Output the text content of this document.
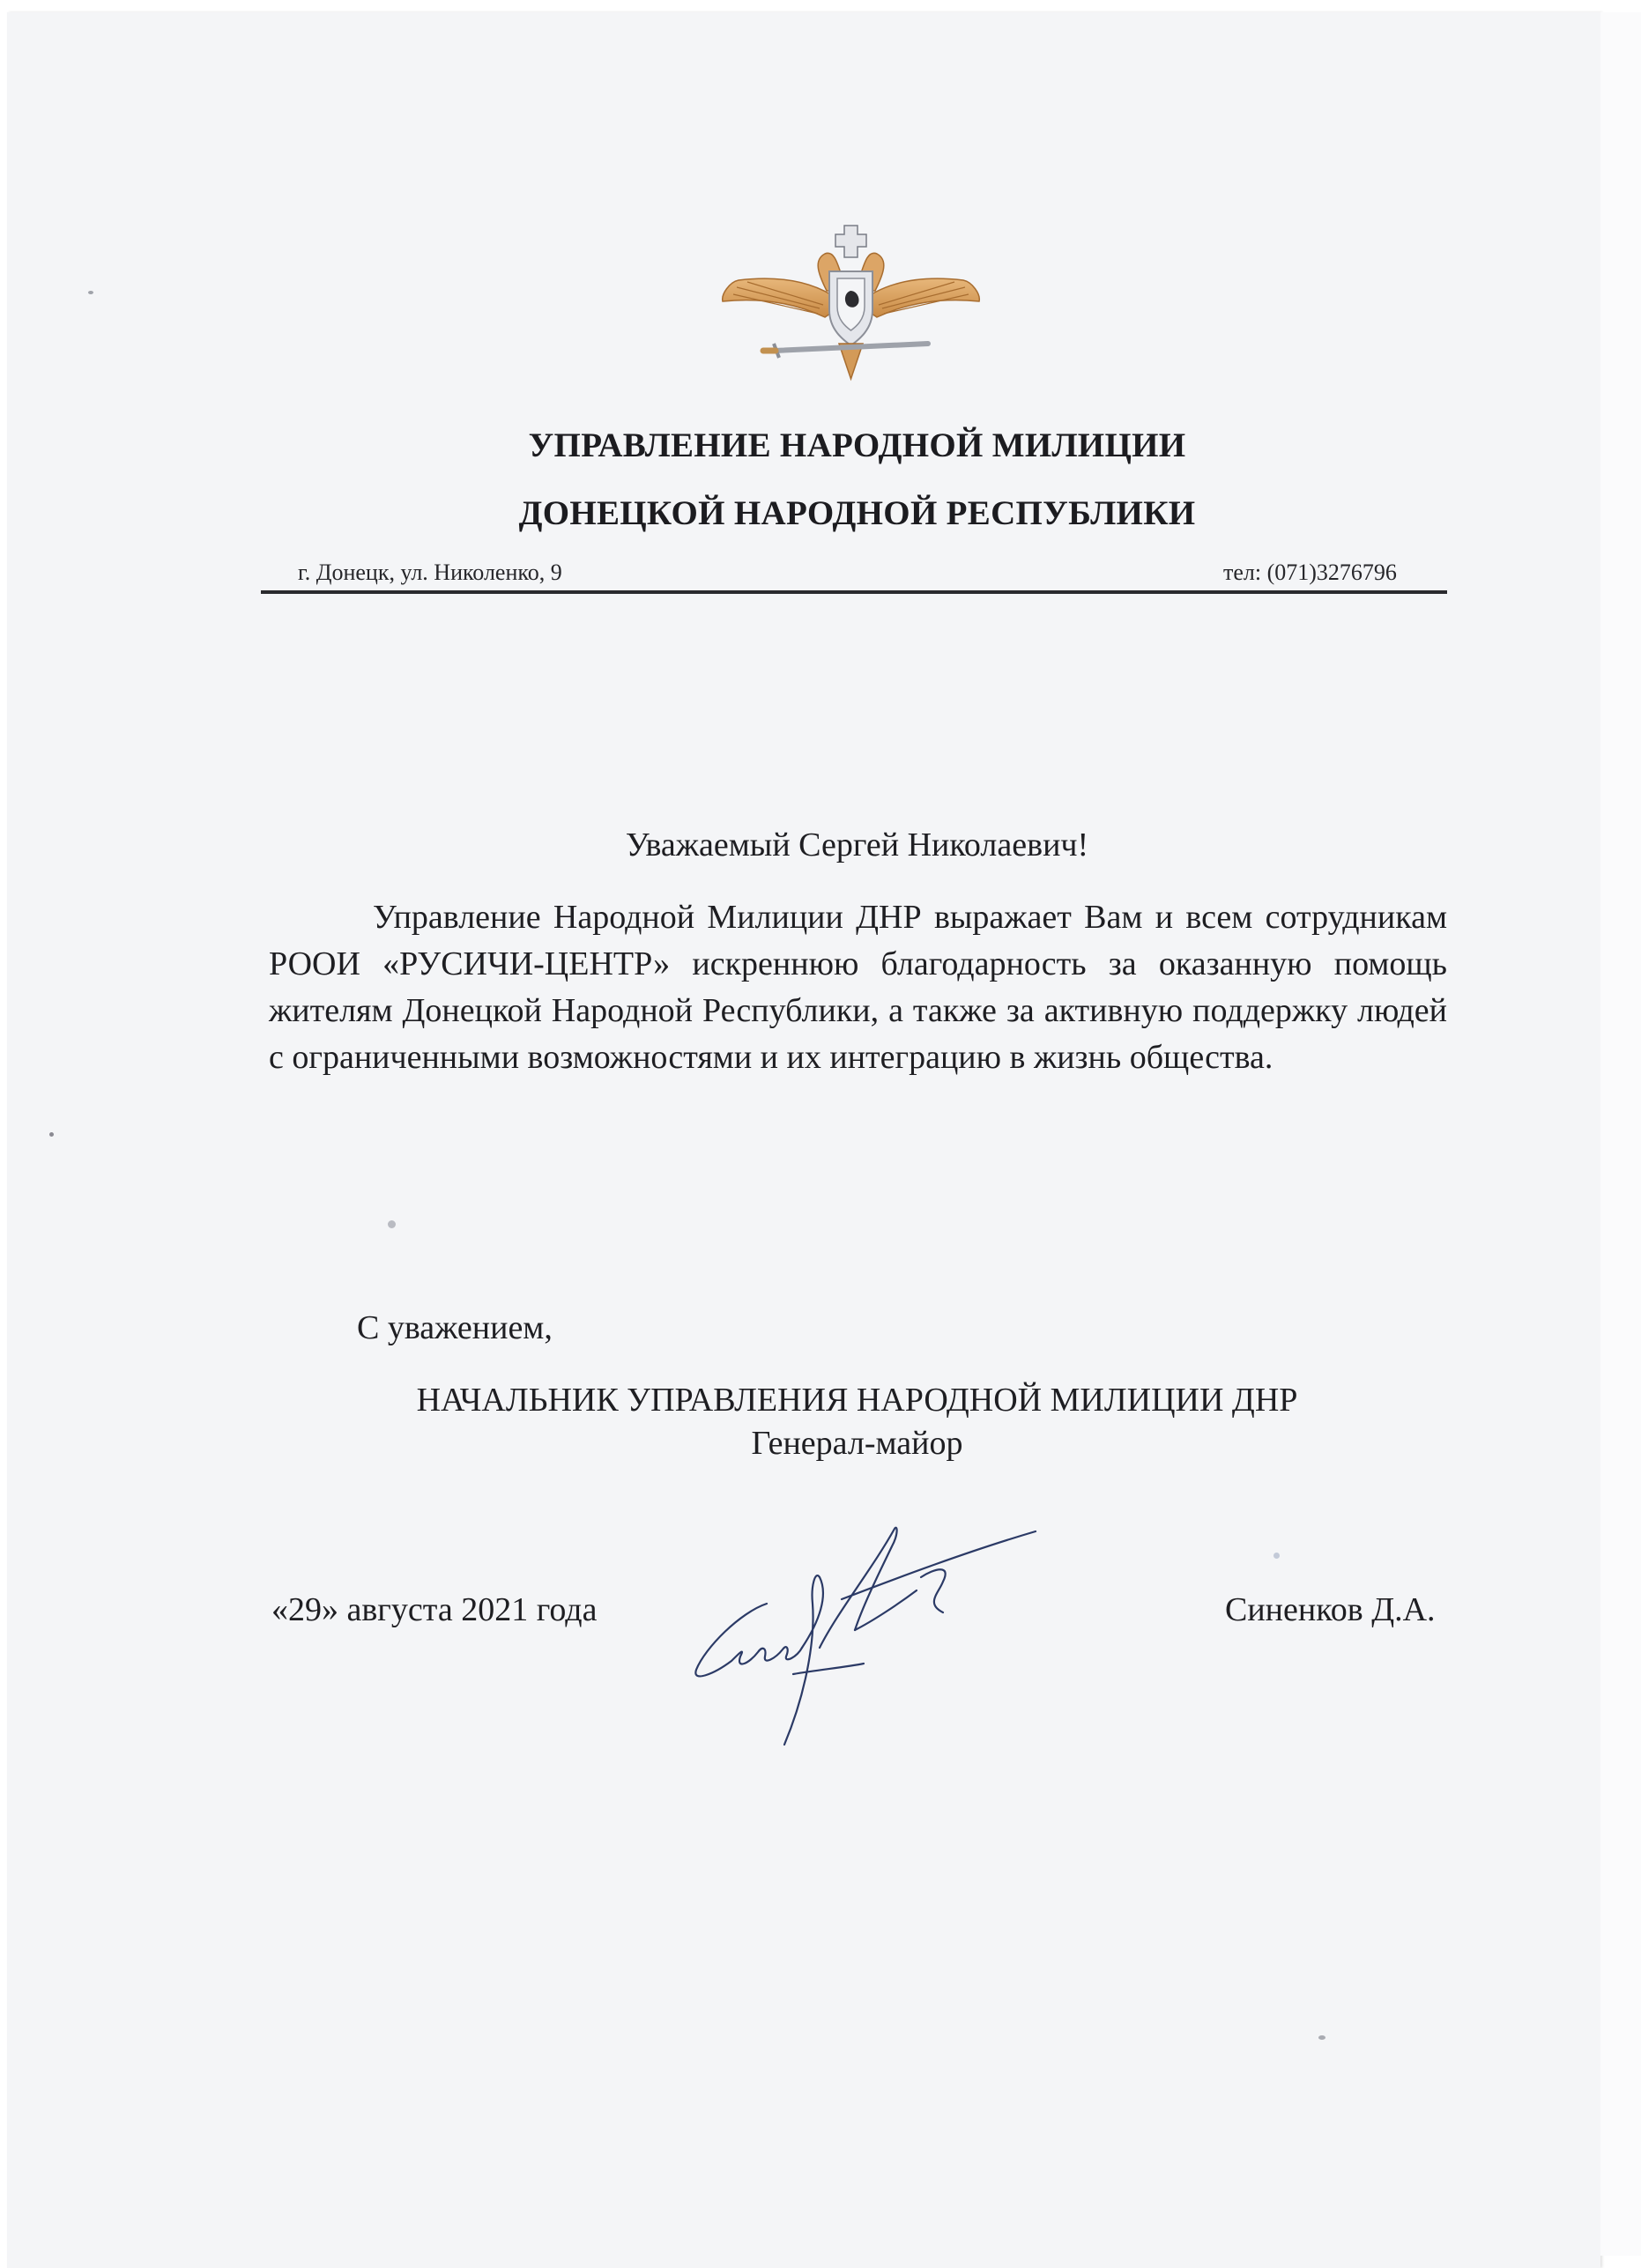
УПРАВЛЕНИЕ НАРОДНОЙ МИЛИЦИИ
ДОНЕЦКОЙ НАРОДНОЙ РЕСПУБЛИКИ
г. Донецк, ул. Николенко, 9	тел: (071)3276796
Уважаемый Сергей Николаевич!
Управление Народной Милиции ДНР выражает Вам и всем сотрудникам РООИ «РУСИЧИ-ЦЕНТР» искреннюю благодарность за оказанную помощь жителям Донецкой Народной Республики, а также за активную поддержку людей с ограниченными возможностями и их интеграцию в жизнь общества.
С уважением,
НАЧАЛЬНИК УПРАВЛЕНИЯ НАРОДНОЙ МИЛИЦИИ ДНР
Генерал-майор
«29» августа 2021 года	Синенков Д.А.
